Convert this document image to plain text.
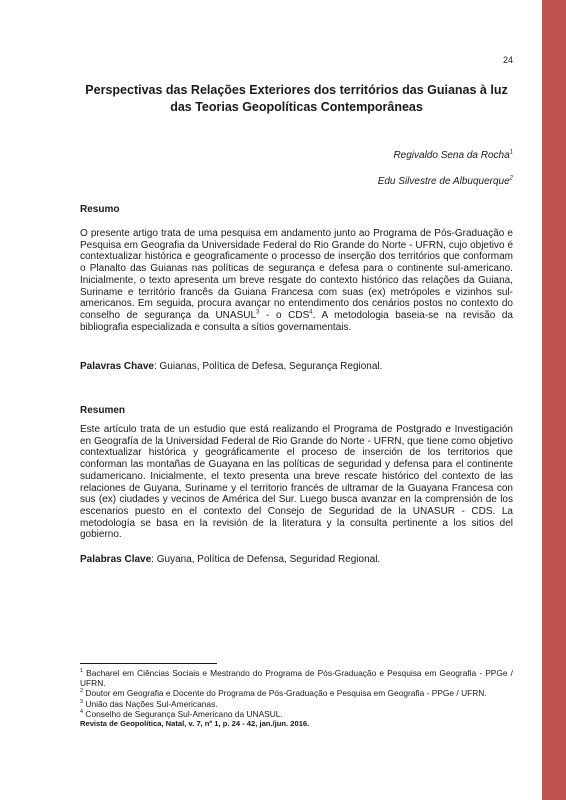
24
Perspectivas das Relações Exteriores dos territórios das Guianas à luz das Teorias Geopolíticas Contemporâneas
Regivaldo Sena da Rocha$^1$
Edu Silvestre de Albuquerque$^2$
Resumo
O presente artigo trata de uma pesquisa em andamento junto ao Programa de Pós-Graduação e Pesquisa em Geografia da Universidade Federal do Rio Grande do Norte - UFRN, cujo objetivo é contextualizar histórica e geograficamente o processo de inserção dos territórios que conformam o Planalto das Guianas nas políticas de segurança e defesa para o continente sul-americano. Inicialmente, o texto apresenta um breve resgate do contexto histórico das relações da Guiana, Suriname e território francês da Guiana Francesa com suas (ex) metrópoles e vizinhos sul-americanos. Em seguida, procura avançar no entendimento dos cenários postos no contexto do conselho de segurança da UNASUL$^3$ - o CDS$^4$. A metodologia baseia-se na revisão da bibliografia especializada e consulta a sítios governamentais.
Palavras Chave: Guianas, Política de Defesa, Segurança Regional.
Resumen
Este artículo trata de un estudio que está realizando el Programa de Postgrado e Investigación en Geografía de la Universidad Federal de Rio Grande do Norte - UFRN, que tiene como objetivo contextualizar histórica y geográficamente el proceso de inserción de los territorios que conforman las montañas de Guayana en las políticas de seguridad y defensa para el continente sudamericano. Inicialmente, el texto presenta una breve rescate histórico del contexto de las relaciones de Guyana, Suriname y el territorio francés de ultramar de la Guayana Francesa con sus (ex) ciudades y vecinos de América del Sur. Luego busca avanzar en la comprensión de los escenarios puesto en el contexto del Consejo de Seguridad de la UNASUR - CDS. La metodología se basa en la revisión de la literatura y la consulta pertinente a los sitios del gobierno.
Palabras Clave: Guyana, Política de Defensa, Seguridad Regional.
$^1$ Bacharel em Ciências Sociais e Mestrando do Programa de Pós-Graduação e Pesquisa em Geografia - PPGe / UFRN.
$^2$ Doutor em Geografia e Docente do Programa de Pós-Graduação e Pesquisa em Geografia - PPGe / UFRN.
$^3$ União das Nações Sul-Americanas.
$^4$ Conselho de Segurança Sul-Americano da UNASUL.
Revista de Geopolítica, Natal, v. 7, nº 1, p. 24 - 42, jan./jun. 2016.
